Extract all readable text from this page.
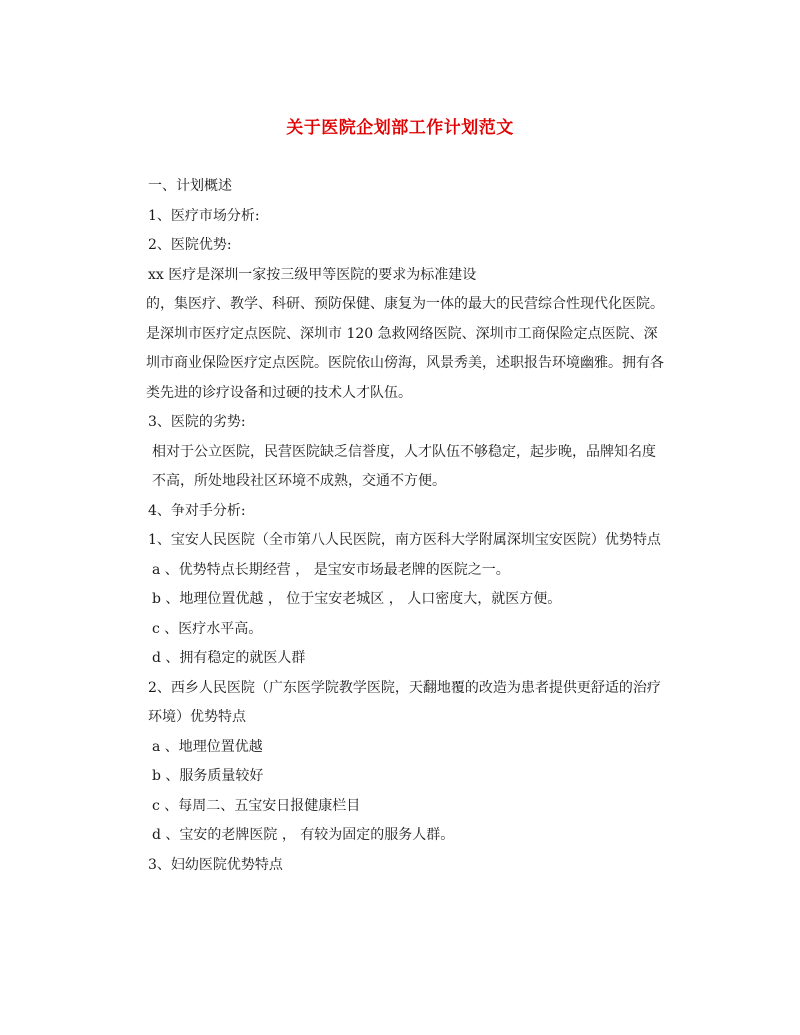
关于医院企划部工作计划范文

一、计划概述

1、医疗市场分析:

2、医院优势:

xx 医疗是深圳一家按三级甲等医院的要求为标准建设

的，集医疗、教学、科研、预防保健、康复为一体的最大的民营综合性现代化医院。是深圳市医疗定点医院、深圳市 120 急救网络医院、深圳市工商保险定点医院、深圳市商业保险医疗定点医院。医院依山傍海，风景秀美，述职报告环境幽雅。拥有各类先进的诊疗设备和过硬的技术人才队伍。

3、医院的劣势:

相对于公立医院，民营医院缺乏信誉度，人才队伍不够稳定，起步晚，品牌知名度不高，所处地段社区环境不成熟，交通不方便。

4、争对手分析:

1、宝安人民医院（全市第八人民医院，南方医科大学附属深圳宝安医院）优势特点

a 、优势特点长期经营 ， 是宝安市场最老牌的医院之一。

b 、地理位置优越 ， 位于宝安老城区 ， 人口密度大，就医方便。

c 、医疗水平高。

d 、拥有稳定的就医人群

2、西乡人民医院（广东医学院教学医院，天翻地覆的改造为患者提供更舒适的治疗环境）优势特点

a 、地理位置优越

b 、服务质量较好

c 、每周二、五宝安日报健康栏目

d 、宝安的老牌医院 ， 有较为固定的服务人群。

3、妇幼医院优势特点
